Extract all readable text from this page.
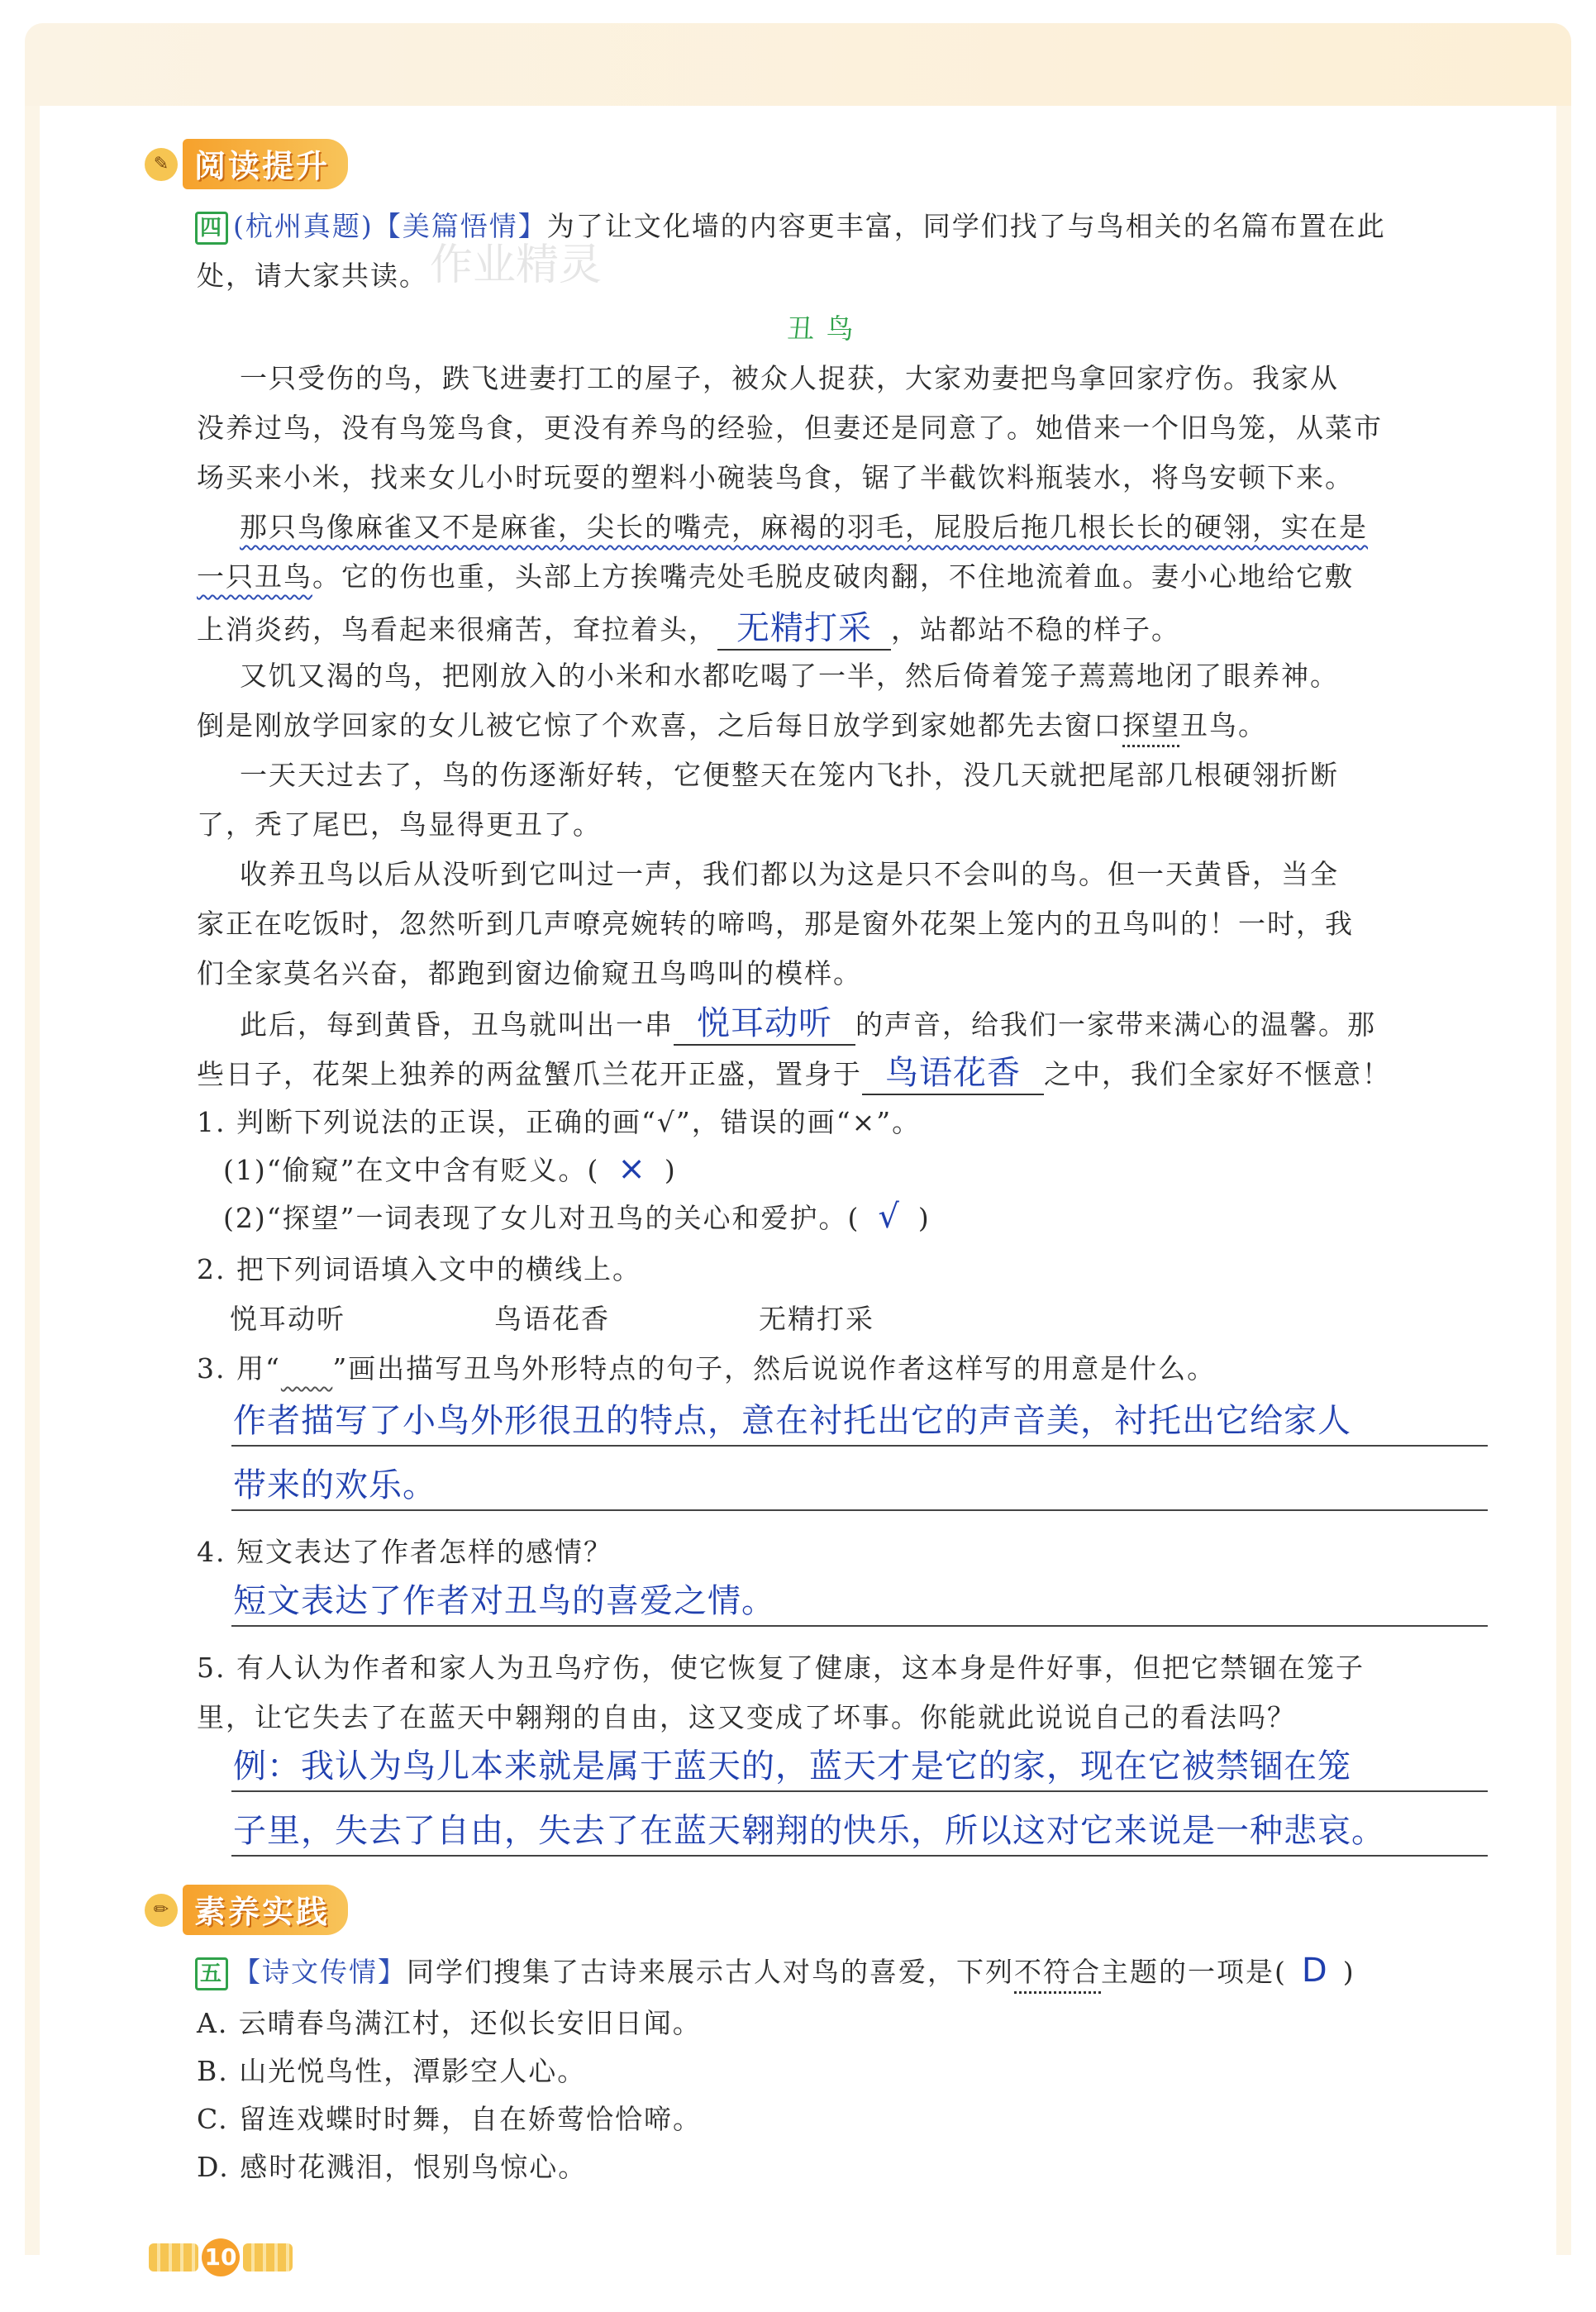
✎ 阅读提升
四 (杭州真题)【美篇悟情】为了让文化墙的内容更丰富，同学们找了与鸟相关的名篇布置在此
处，请大家共读。 作业精灵
丑 鸟
一只受伤的鸟，跌飞进妻打工的屋子，被众人捉获，大家劝妻把鸟拿回家疗伤。我家从
没养过鸟，没有鸟笼鸟食，更没有养鸟的经验，但妻还是同意了。她借来一个旧鸟笼，从菜市
场买来小米，找来女儿小时玩耍的塑料小碗装鸟食，锯了半截饮料瓶装水，将鸟安顿下来。
那只鸟像麻雀又不是麻雀，尖长的嘴壳，麻褐的羽毛，屁股后拖几根长长的硬翎，实在是
一只丑鸟。它的伤也重，头部上方挨嘴壳处毛脱皮破肉翻，不住地流着血。妻小心地给它敷
上消炎药，鸟看起来很痛苦，耷拉着头， 无精打采 ，站都站不稳的样子。
又饥又渴的鸟，把刚放入的小米和水都吃喝了一半，然后倚着笼子蔫蔫地闭了眼养神。
倒是刚放学回家的女儿被它惊了个欢喜，之后每日放学到家她都先去窗口探望丑鸟。
一天天过去了，鸟的伤逐渐好转，它便整天在笼内飞扑，没几天就把尾部几根硬翎折断
了，秃了尾巴，鸟显得更丑了。
收养丑鸟以后从没听到它叫过一声，我们都以为这是只不会叫的鸟。但一天黄昏，当全
家正在吃饭时，忽然听到几声嘹亮婉转的啼鸣，那是窗外花架上笼内的丑鸟叫的！一时，我
们全家莫名兴奋，都跑到窗边偷窥丑鸟鸣叫的模样。
此后，每到黄昏，丑鸟就叫出一串 悦耳动听 的声音，给我们一家带来满心的温馨。那
些日子，花架上独养的两盆蟹爪兰花开正盛，置身于 鸟语花香 之中，我们全家好不惬意！
1. 判断下列说法的正误，正确的画“√”，错误的画“×”。
(1)“偷窥”在文中含有贬义。( × )
(2)“探望”一词表现了女儿对丑鸟的关心和爱护。( √ )
2. 把下列词语填入文中的横线上。
悦耳动听	鸟语花香	无精打采
3. 用“ ”画出描写丑鸟外形特点的句子，然后说说作者这样写的用意是什么。
作者描写了小鸟外形很丑的特点，意在衬托出它的声音美，衬托出它给家人
带来的欢乐。
4. 短文表达了作者怎样的感情？
短文表达了作者对丑鸟的喜爱之情。
5. 有人认为作者和家人为丑鸟疗伤，使它恢复了健康，这本身是件好事，但把它禁锢在笼子
里，让它失去了在蓝天中翱翔的自由，这又变成了坏事。你能就此说说自己的看法吗？
例：我认为鸟儿本来就是属于蓝天的，蓝天才是它的家，现在它被禁锢在笼
子里，失去了自由，失去了在蓝天翱翔的快乐，所以这对它来说是一种悲哀。
✏ 素养实践
五 【诗文传情】同学们搜集了古诗来展示古人对鸟的喜爱，下列不符合主题的一项是( D )
A. 云晴春鸟满江村，还似长安旧日闻。
B. 山光悦鸟性，潭影空人心。
C. 留连戏蝶时时舞，自在娇莺恰恰啼。
D. 感时花溅泪，恨别鸟惊心。
10
